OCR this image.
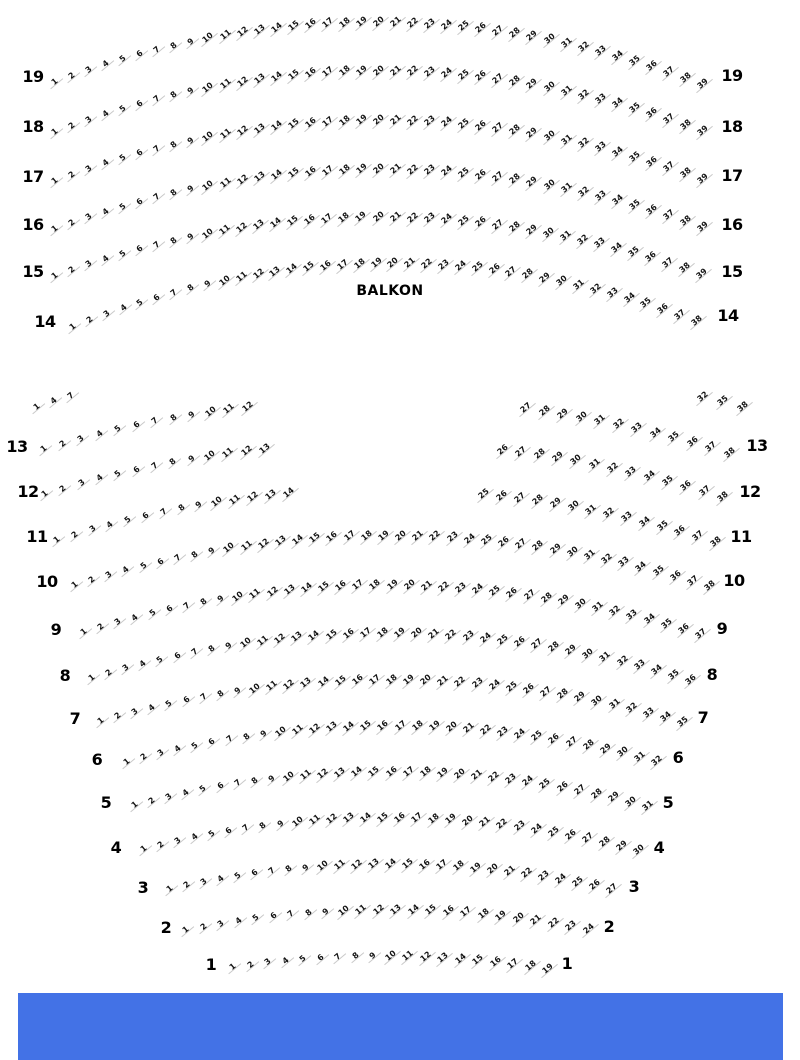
BALKON
19	19
1
2
3
4 5 6 7 8 9 10 11 12 13 14 15 16 17 18 19 20 21 22 23 24 25 26 27 28 29 30 31 32 33 34 35 36 37 38 39
18	18
1
2
3
4
5 6 7 8 9 10 11 12 13 14 15 16 17 18 19 20 21 22 23 24 25 26 27 28 29 30 31 32 33 34 35 36 37 38 39
17	17
1
2
3
4 5 6 7 8 9 10 11 12 13 14 15 16 17 18 19 20 21 22 23 24 25 26 27 28 29 30 31 32 33 34 35 36 37 38 39
16	16
1
2
3
4 5 6 7 8 9 10 11 12 13 14 15 16 17 18 19 20 21 22 23 24 25 26 27 28 29 30 31 32 33 34 35 36 37 38 39
15	15
1
2
3
4 5 6 7 8 9 10 11 12 13 14 15 16 17 18 19 20 21 22 23 24 25 26 27 28 29 30 31 32 33 34 35 36 37 38 39
14	14
1
2
3
4
5 6 7 8 9 10 11 12 13 14 15 16 17 18 19 20 21 22 23 24 25 26 27 28 29 30 31 32 33 34 35 36 37 38
1
4 7	32 35 38
13	13
1
2 3 4 5 6 7 8 9 10 11 12	27 28 29 30 31 32 33 34 35 36 37 38
12	12
1
2 3 4 5 6 7 8 9 10 11 12 13	26 27 28 29 30 31 32 33 34 35 36 37 38
11	11
1
2 3 4 5 6 7 8 9 10 11 12 13 14	25 26 27 28 29 30 31 32 33 34 35 36 37 38
10	10
1 2 3 4 5 6 7 8 9 10 11 12 13 14 15 16 17 18 19 20 21 22 23 24 25 26 27 28 29 30 31 32 33 34 35 36 37 38
9	9
1 2 3 4 5 6 7 8 9 10 11 12 13 14 15 16 17 18 19 20 21 22 23 24 25 26 27 28 29 30 31 32 33 34 35 36 37
8	8
1 2 3 4 5 6 7 8 9 10 11 12 13 14 15 16 17 18 19 20 21 22 23 24 25 26 27 28 29 30 31 32 33 34 35 36
7	7
1 2 3 4 5 6 7 8 9 10 11 12 13 14 15 16 17 18 19 20 21 22 23 24 25 26 27 28 29 30 31 32 33 34 35
6	6
1 2 3 4 5 6 7 8 9 10 11 12 13 14 15 16 17 18 19 20 21 22 23 24 25 26 27 28 29 30 31 32
5	5
1 2 3 4 5 6 7 8 9 10 11 12 13 14 15 16 17 18 19 20 21 22 23 24 25 26 27 28 29 30 31
4	4
1 2 3 4 5 6 7 8 9 10 11 12 13 14 15 16 17 18 19 20 21 22 23 24 25 26 27 28 29 30
3	3
1 2 3 4 5 6 7 8 9 10 11 12 13 14 15 16 17 18 19 20 21 22 23 24 25 26 27
2	2
1 2 3 4 5 6 7 8 9 10 11 12 13 14 15 16 17 18 19 20 21 22 23 24
1	1
1 2 3 4 5 6 7 8 9 10 11 12 13 14 15 16 17 18 19
